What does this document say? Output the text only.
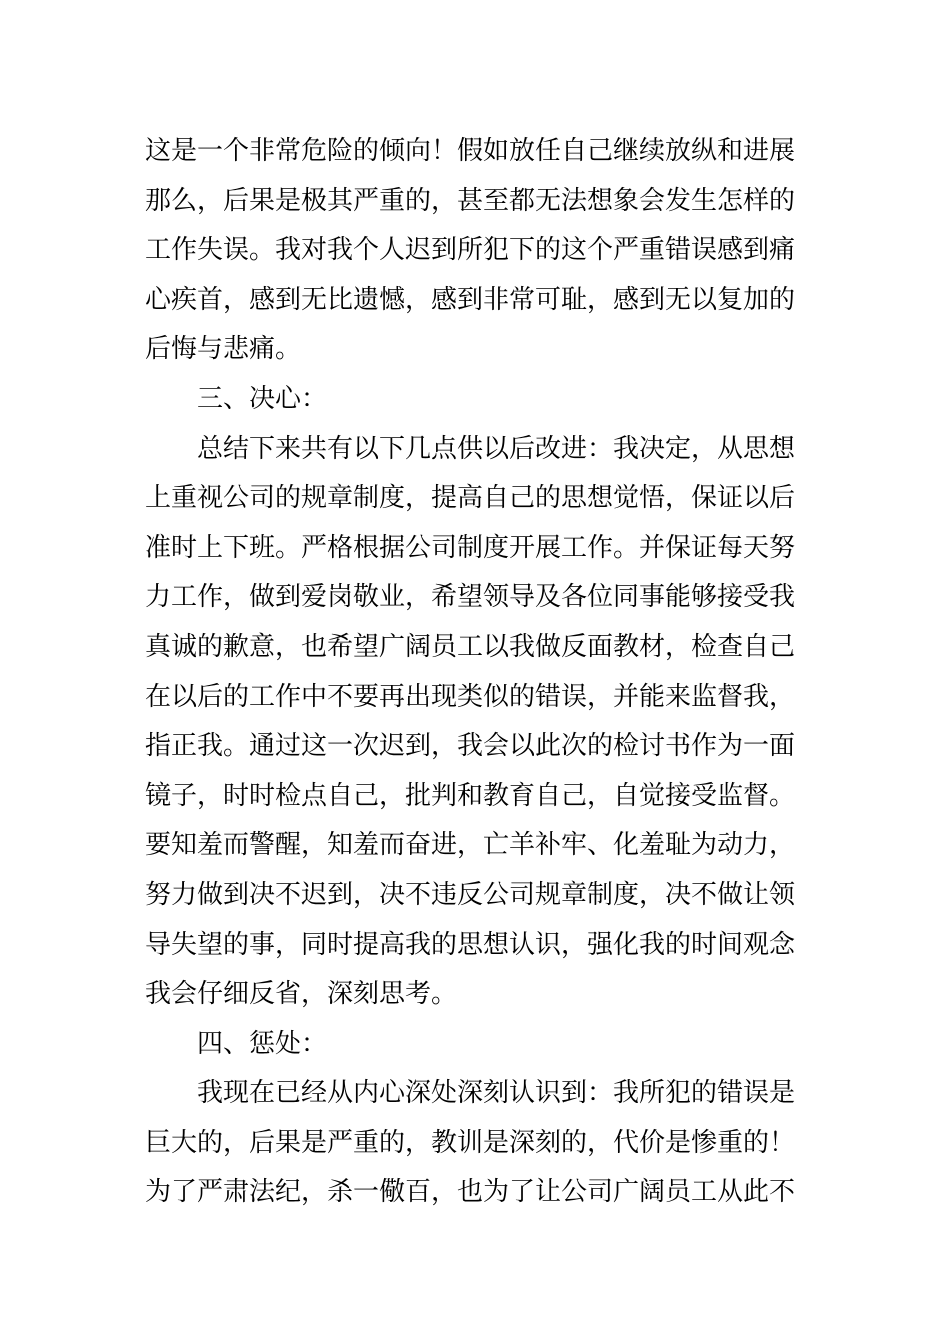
这是一个非常危险的倾向！假如放任自己继续放纵和进展
那么，后果是极其严重的，甚至都无法想象会发生怎样的
工作失误。我对我个人迟到所犯下的这个严重错误感到痛
心疾首，感到无比遗憾，感到非常可耻，感到无以复加的
后悔与悲痛。
三、决心：
总结下来共有以下几点供以后改进：我决定，从思想
上重视公司的规章制度，提高自己的思想觉悟，保证以后
准时上下班。严格根据公司制度开展工作。并保证每天努
力工作，做到爱岗敬业，希望领导及各位同事能够接受我
真诚的歉意，也希望广阔员工以我做反面教材，检查自己
在以后的工作中不要再出现类似的错误，并能来监督我，
指正我。通过这一次迟到，我会以此次的检讨书作为一面
镜子，时时检点自己，批判和教育自己，自觉接受监督。
要知羞而警醒，知羞而奋进，亡羊补牢、化羞耻为动力，
努力做到决不迟到，决不违反公司规章制度，决不做让领
导失望的事，同时提高我的思想认识，强化我的时间观念
我会仔细反省，深刻思考。
四、惩处：
我现在已经从内心深处深刻认识到：我所犯的错误是
巨大的，后果是严重的，教训是深刻的，代价是惨重的！
为了严肃法纪，杀一儆百，也为了让公司广阔员工从此不
